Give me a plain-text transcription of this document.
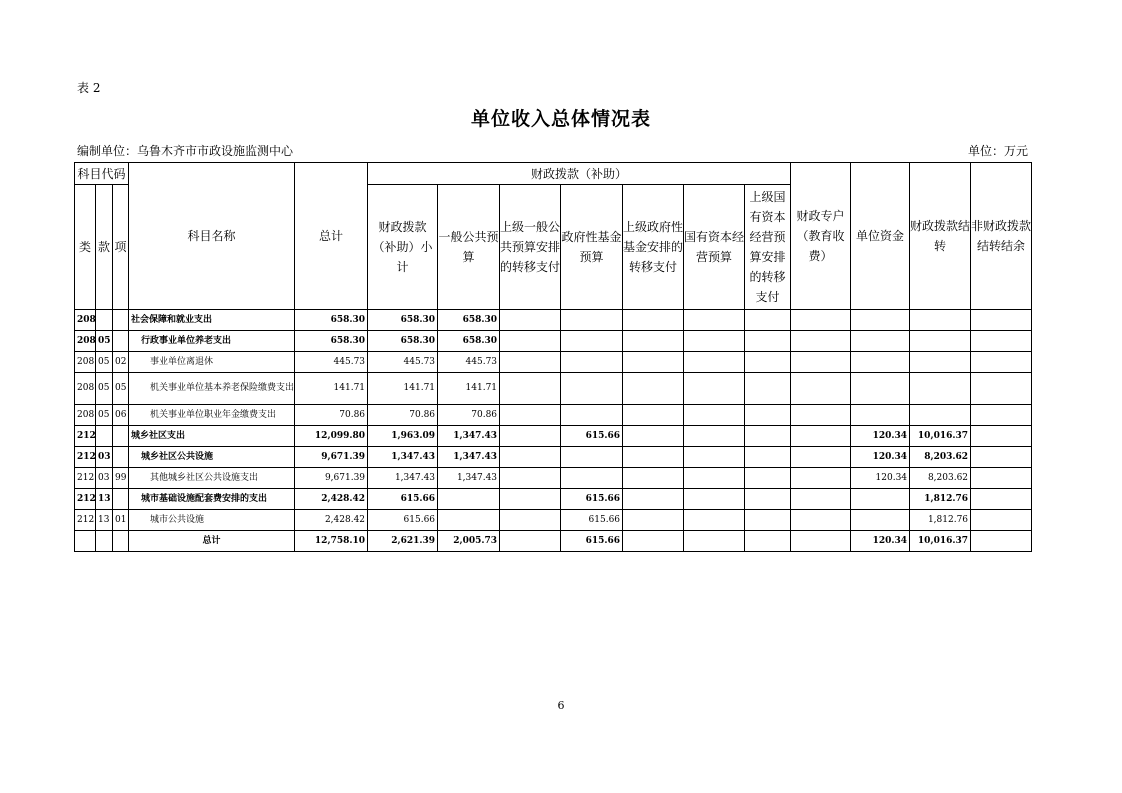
表 2
单位收入总体情况表
编制单位：乌鲁木齐市市政设施监测中心	单位：万元
科目代码			科目名称	总计	财政拨款（补助）							财政专户（教育收费）	单位资金	财政拨款结转	非财政拨款结转结余
类	款	项			财政拨款（补助）小计	一般公共预算	上级一般公共预算安排的转移支付	政府性基金预算	上级政府性基金安排的转移支付	国有资本经营预算	上级国有资本经营预算安排的转移支付				
208			社会保障和就业支出	658.30	658.30	658.30									
208	05		行政事业单位养老支出	658.30	658.30	658.30									
208	05	02	事业单位离退休	445.73	445.73	445.73									
208	05	05	机关事业单位基本养老保险缴费支出	141.71	141.71	141.71									
208	05	06	机关事业单位职业年金缴费支出	70.86	70.86	70.86									
212			城乡社区支出	12,099.80	1,963.09	1,347.43		615.66					120.34	10,016.37	
212	03		城乡社区公共设施	9,671.39	1,347.43	1,347.43							120.34	8,203.62	
212	03	99	其他城乡社区公共设施支出	9,671.39	1,347.43	1,347.43							120.34	8,203.62	
212	13		城市基础设施配套费安排的支出	2,428.42	615.66			615.66						1,812.76	
212	13	01	城市公共设施	2,428.42	615.66			615.66						1,812.76	
			总计	12,758.10	2,621.39	2,005.73		615.66					120.34	10,016.37	
6
